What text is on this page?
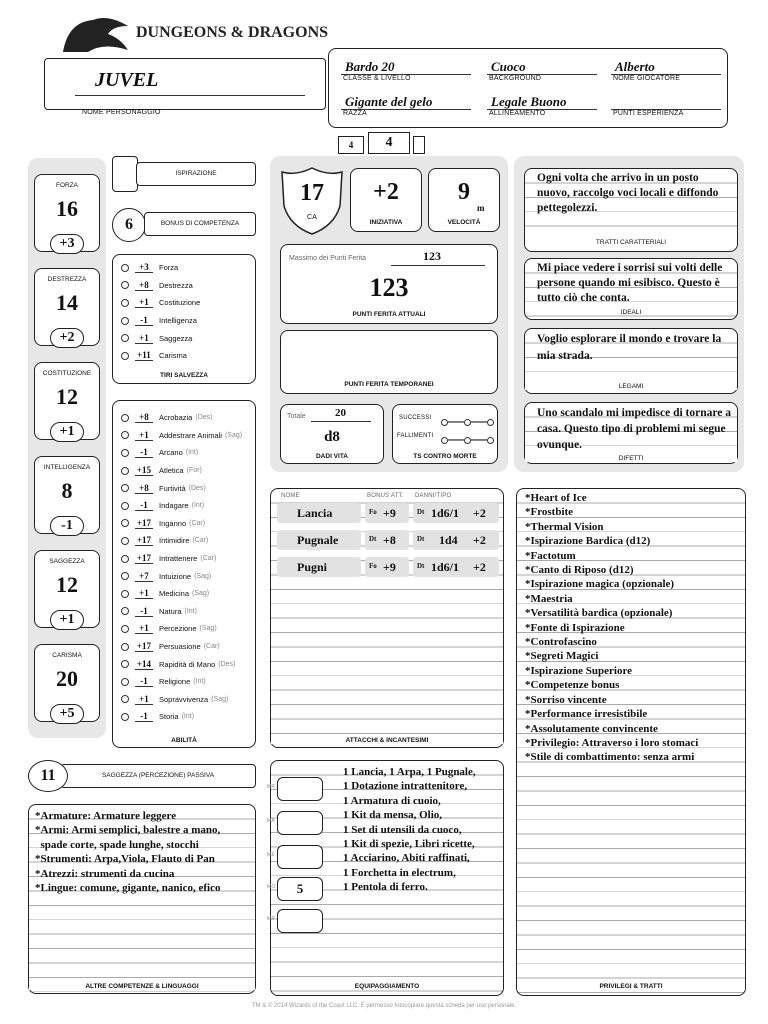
DUNGEONS & DRAGONS
JUVEL
NOME PERSONAGGIO
Bardo 20
CLASSE & LIVELLO
Cuoco
BACKGROUND
Alberto
NOME GIOCATORE
Gigante del gelo
RAZZA
Legale Buono
ALLINEAMENTO	PUNTI ESPERIENZA
4	4
FORZA
16
+3
DESTREZZA
14
+2
COSTITUZIONE
12
+1
INTELLIGENZA
8
-1
SAGGEZZA
12
+1
CARISMA
20
+5
ISPIRAZIONE
6	BONUS DI COMPETENZA
+3	Forza
+8	Destrezza
+1	Costituzione
-1	Intelligenza
+1	Saggezza
+11 Carisma
TIRI SALVEZZA
+8	Acrobazia (Des)
+1	Addestrare Animali (Sag)
-1	Arcano (Int)
+15 Atletica (For)
+8	Furtività (Des)
-1	Indagare (Int)
+17 Inganno (Car)
+17 Intimidire (Car)
+17 Intrattenere (Car)
+7	Intuizione (Sag)
+1	Medicina (Sag)
-1	Natura (Int)
+1	Percezione (Sag)
+17 Persuasione (Car)
+14 Rapidità di Mano (Des)
-1	Religione (Int)
+1	Sopravvivenza (Sag)
-1	Storia (Int)
ABILITÀ
11	SAGGEZZA (PERCEZIONE) PASSIVA
*Armature: Armature leggere
*Armi: Armi semplici, balestre a mano,
spade corte, spade lunghe, stocchi
*Strumenti: Arpa,Viola, Flauto di Pan
*Atrezzi: strumenti da cucina
*Lingue: comune, gigante, nanico, efico
ALTRE COMPETENZE & LINGUAGGI
17
CA
+2
INIZIATIVA
9
m
VELOCITÀ
Massimo dei Punti Ferita	123
123
PUNTI FERITA ATTUALI
PUNTI FERITA TEMPORANEI
Totale	20
d8
DADI VITA
SUCCESSI	— —
FALLIMENTI — —
TS CONTRO MORTE
Ogni volta che arrivo in un posto nuovo, raccolgo voci locali e diffondo pettegolezzi.
TRATTI CARATTERIALI
Mi piace vedere i sorrisi sui volti delle persone quando mi esibisco. Questo è tutto ciò che conta.
IDEALI
Voglio esplorare il mondo e trovare la mia strada.
LEGAMI
Uno scandalo mi impedisce di tornare a casa. Questo tipo di problemi mi segue ovunque.
DIFETTI
NOME	BONUS ATT. DANNI/TIPO
Lancia	Fo +9	Dt 1d6/1 +2
Pugnale	Dt +8	Dt 1d4 +2
Pugni	Fo +9	Dt 1d6/1 +2
ATTACCHI & INCANTESIMI
MR
MA
ME
MO	5
MP
1 Lancia, 1 Arpa, 1 Pugnale,
1 Dotazione intrattenitore,
1 Armatura di cuoio,
1 Kit da mensa, Olio,
1 Set di utensili da cuoco,
1 Kit di spezie, Libri ricette,
1 Acciarino, Abiti raffinati,
1 Forchetta in electrum,
1 Pentola di ferro.
EQUIPAGGIAMENTO
*Heart of Ice
*Frostbite
*Thermal Vision
*Ispirazione Bardica (d12)
*Factotum
*Canto di Riposo (d12)
*Ispirazione magica (opzionale)
*Maestria
*Versatilità bardica (opzionale)
*Fonte di Ispirazione
*Controfascino
*Segreti Magici
*Ispirazione Superiore
*Competenze bonus
*Sorriso vincente
*Performance irresistibile
*Assolutamente convincente
*Privilegio: Attraverso i loro stomaci
*Stile di combattimento: senza armi
PRIVILEGI & TRATTI
TM & © 2014 Wizards of the Coast LLC. È permesso fotocopiare questa scheda per uso personale.
